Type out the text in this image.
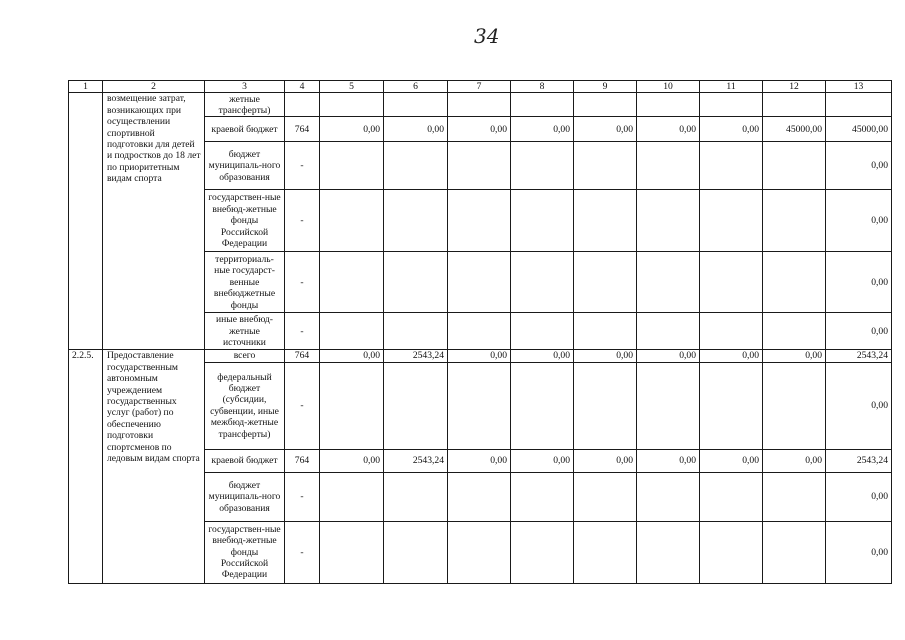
34
1	2	3	4	5	6	7	8	9	10	11	12	13
	возмещение затрат, возникающих при осуществлении спортивной подготовки для детей и подростков до 18 лет по приоритетным видам спорта	жетные трансферты)										
		краевой бюджет	764	0,00	0,00	0,00	0,00	0,00	0,00	0,00	45000,00	45000,00
		бюджет муниципаль-ного образования	-									0,00
		государствен-ные внебюд-жетные фонды Российской Федерации	-									0,00
		территориаль-ные государст-венные внебюджетные фонды	-									0,00
		иные внебюд-жетные источники	-									0,00
2.2.5.	Предоставление государственным автономным учреждением государственных услуг (работ) по обеспечению подготовки спортсменов по ледовым видам спорта	всего	764	0,00	2543,24	0,00	0,00	0,00	0,00	0,00	0,00	2543,24
		федеральный бюджет (субсидии, субвенции, иные межбюд-жетные трансферты)	-									0,00
		краевой бюджет	764	0,00	2543,24	0,00	0,00	0,00	0,00	0,00	0,00	2543,24
		бюджет муниципаль-ного образования	-									0,00
		государствен-ные внебюд-жетные фонды Российской Федерации	-									0,00
